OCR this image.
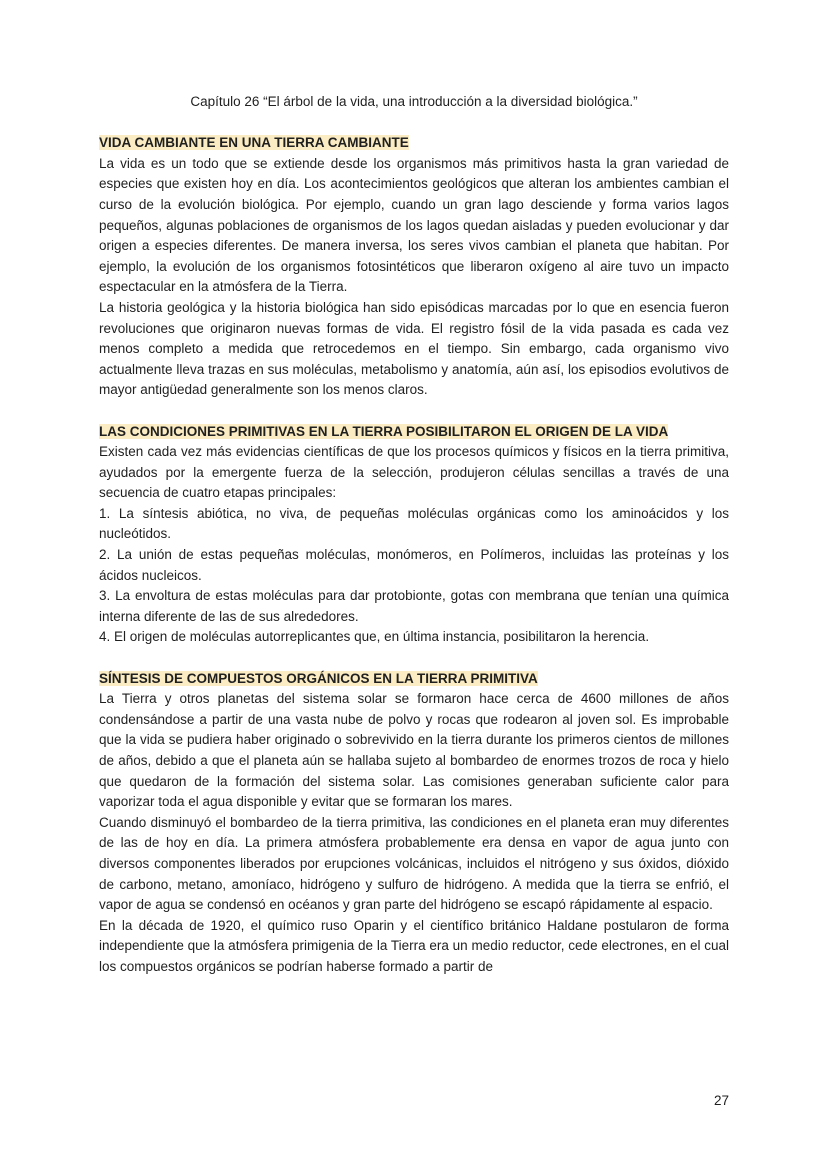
Capítulo 26 “El árbol de la vida, una introducción a la diversidad biológica.”

VIDA CAMBIANTE EN UNA TIERRA CAMBIANTE

La vida es un todo que se extiende desde los organismos más primitivos hasta la gran variedad de especies que existen hoy en día. Los acontecimientos geológicos que alteran los ambientes cambian el curso de la evolución biológica. Por ejemplo, cuando un gran lago desciende y forma varios lagos pequeños, algunas poblaciones de organismos de los lagos quedan aisladas y pueden evolucionar y dar origen a especies diferentes. De manera inversa, los seres vivos cambian el planeta que habitan. Por ejemplo, la evolución de los organismos fotosintéticos que liberaron oxígeno al aire tuvo un impacto espectacular en la atmósfera de la Tierra.

La historia geológica y la historia biológica han sido episódicas marcadas por lo que en esencia fueron revoluciones que originaron nuevas formas de vida. El registro fósil de la vida pasada es cada vez menos completo a medida que retrocedemos en el tiempo. Sin embargo, cada organismo vivo actualmente lleva trazas en sus moléculas, metabolismo y anatomía, aún así, los episodios evolutivos de mayor antigüedad generalmente son los menos claros.

LAS CONDICIONES PRIMITIVAS EN LA TIERRA POSIBILITARON EL ORIGEN DE LA VIDA

Existen cada vez más evidencias científicas de que los procesos químicos y físicos en la tierra primitiva, ayudados por la emergente fuerza de la selección, produjeron células sencillas a través de una secuencia de cuatro etapas principales:

1. La síntesis abiótica, no viva, de pequeñas moléculas orgánicas como los aminoácidos y los nucleótidos.

2. La unión de estas pequeñas moléculas, monómeros, en Polímeros, incluidas las proteínas y los ácidos nucleicos.

3. La envoltura de estas moléculas para dar protobionte, gotas con membrana que tenían una química interna diferente de las de sus alrededores.

4. El origen de moléculas autorreplicantes que, en última instancia, posibilitaron la herencia.

SÍNTESIS DE COMPUESTOS ORGÁNICOS EN LA TIERRA PRIMITIVA

La Tierra y otros planetas del sistema solar se formaron hace cerca de 4600 millones de años condensándose a partir de una vasta nube de polvo y rocas que rodearon al joven sol. Es improbable que la vida se pudiera haber originado o sobrevivido en la tierra durante los primeros cientos de millones de años, debido a que el planeta aún se hallaba sujeto al bombardeo de enormes trozos de roca y hielo que quedaron de la formación del sistema solar. Las comisiones generaban suficiente calor para vaporizar toda el agua disponible y evitar que se formaran los mares.

Cuando disminuyó el bombardeo de la tierra primitiva, las condiciones en el planeta eran muy diferentes de las de hoy en día. La primera atmósfera probablemente era densa en vapor de agua junto con diversos componentes liberados por erupciones volcánicas, incluidos el nitrógeno y sus óxidos, dióxido de carbono, metano, amoníaco, hidrógeno y sulfuro de hidrógeno. A medida que la tierra se enfrió, el vapor de agua se condensó en océanos y gran parte del hidrógeno se escapó rápidamente al espacio.

En la década de 1920, el químico ruso Oparin y el científico británico Haldane postularon de forma independiente que la atmósfera primigenia de la Tierra era un medio reductor, cede electrones, en el cual los compuestos orgánicos se podrían haberse formado a partir de

27
